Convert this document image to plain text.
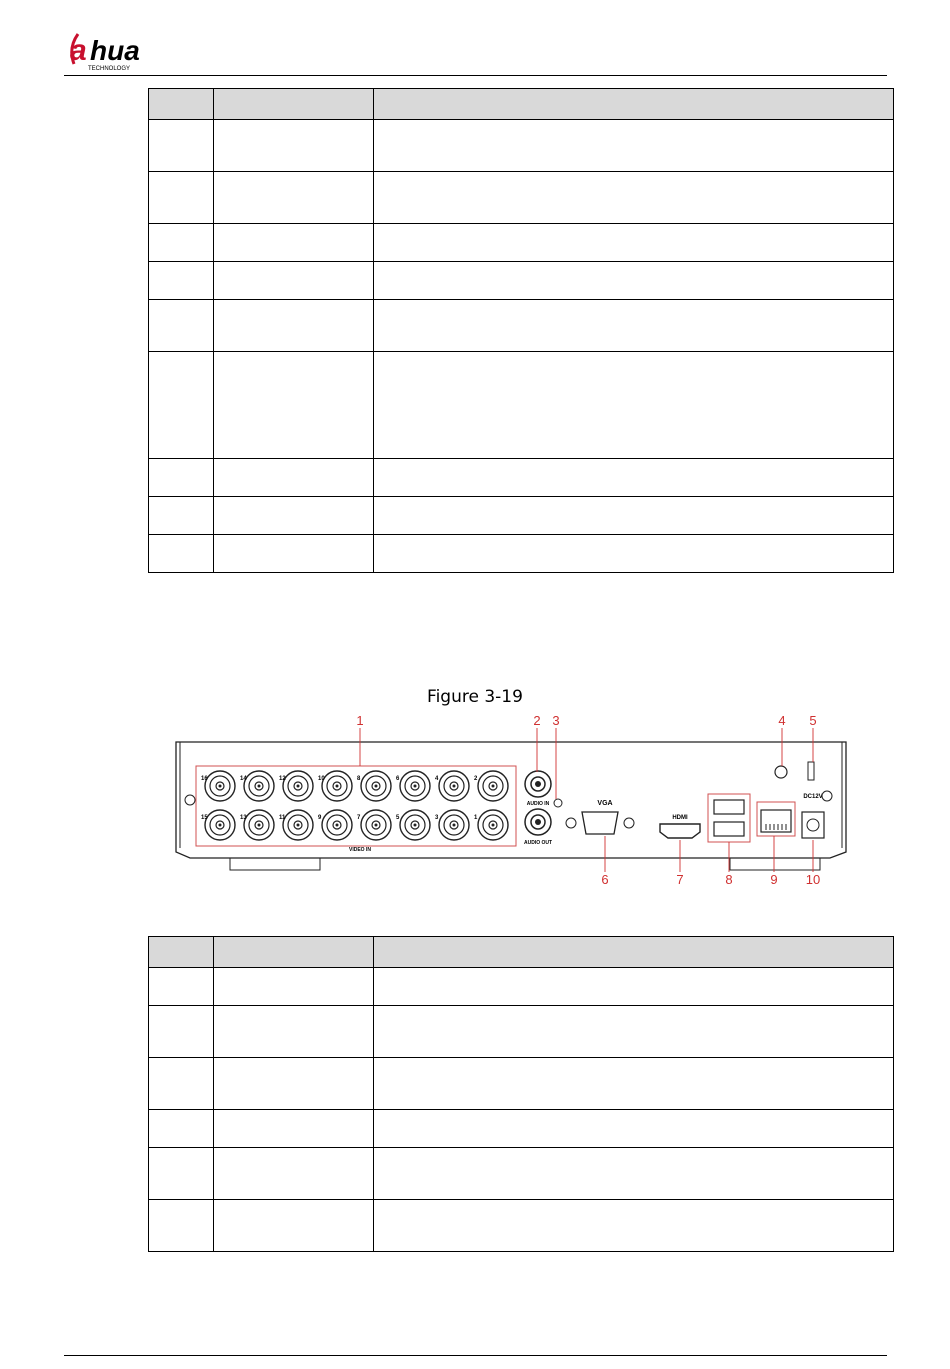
a hua
TECHNOLOGY

Figure 3-19
16	14	12	10	8	6	4	2
15	13	11	9	7	5	3	1
VIDEO IN
AUDIO IN
AUDIO OUT
VGA
HDMI
DC12V
1	2 3	4 5
6	7	8	9 10
